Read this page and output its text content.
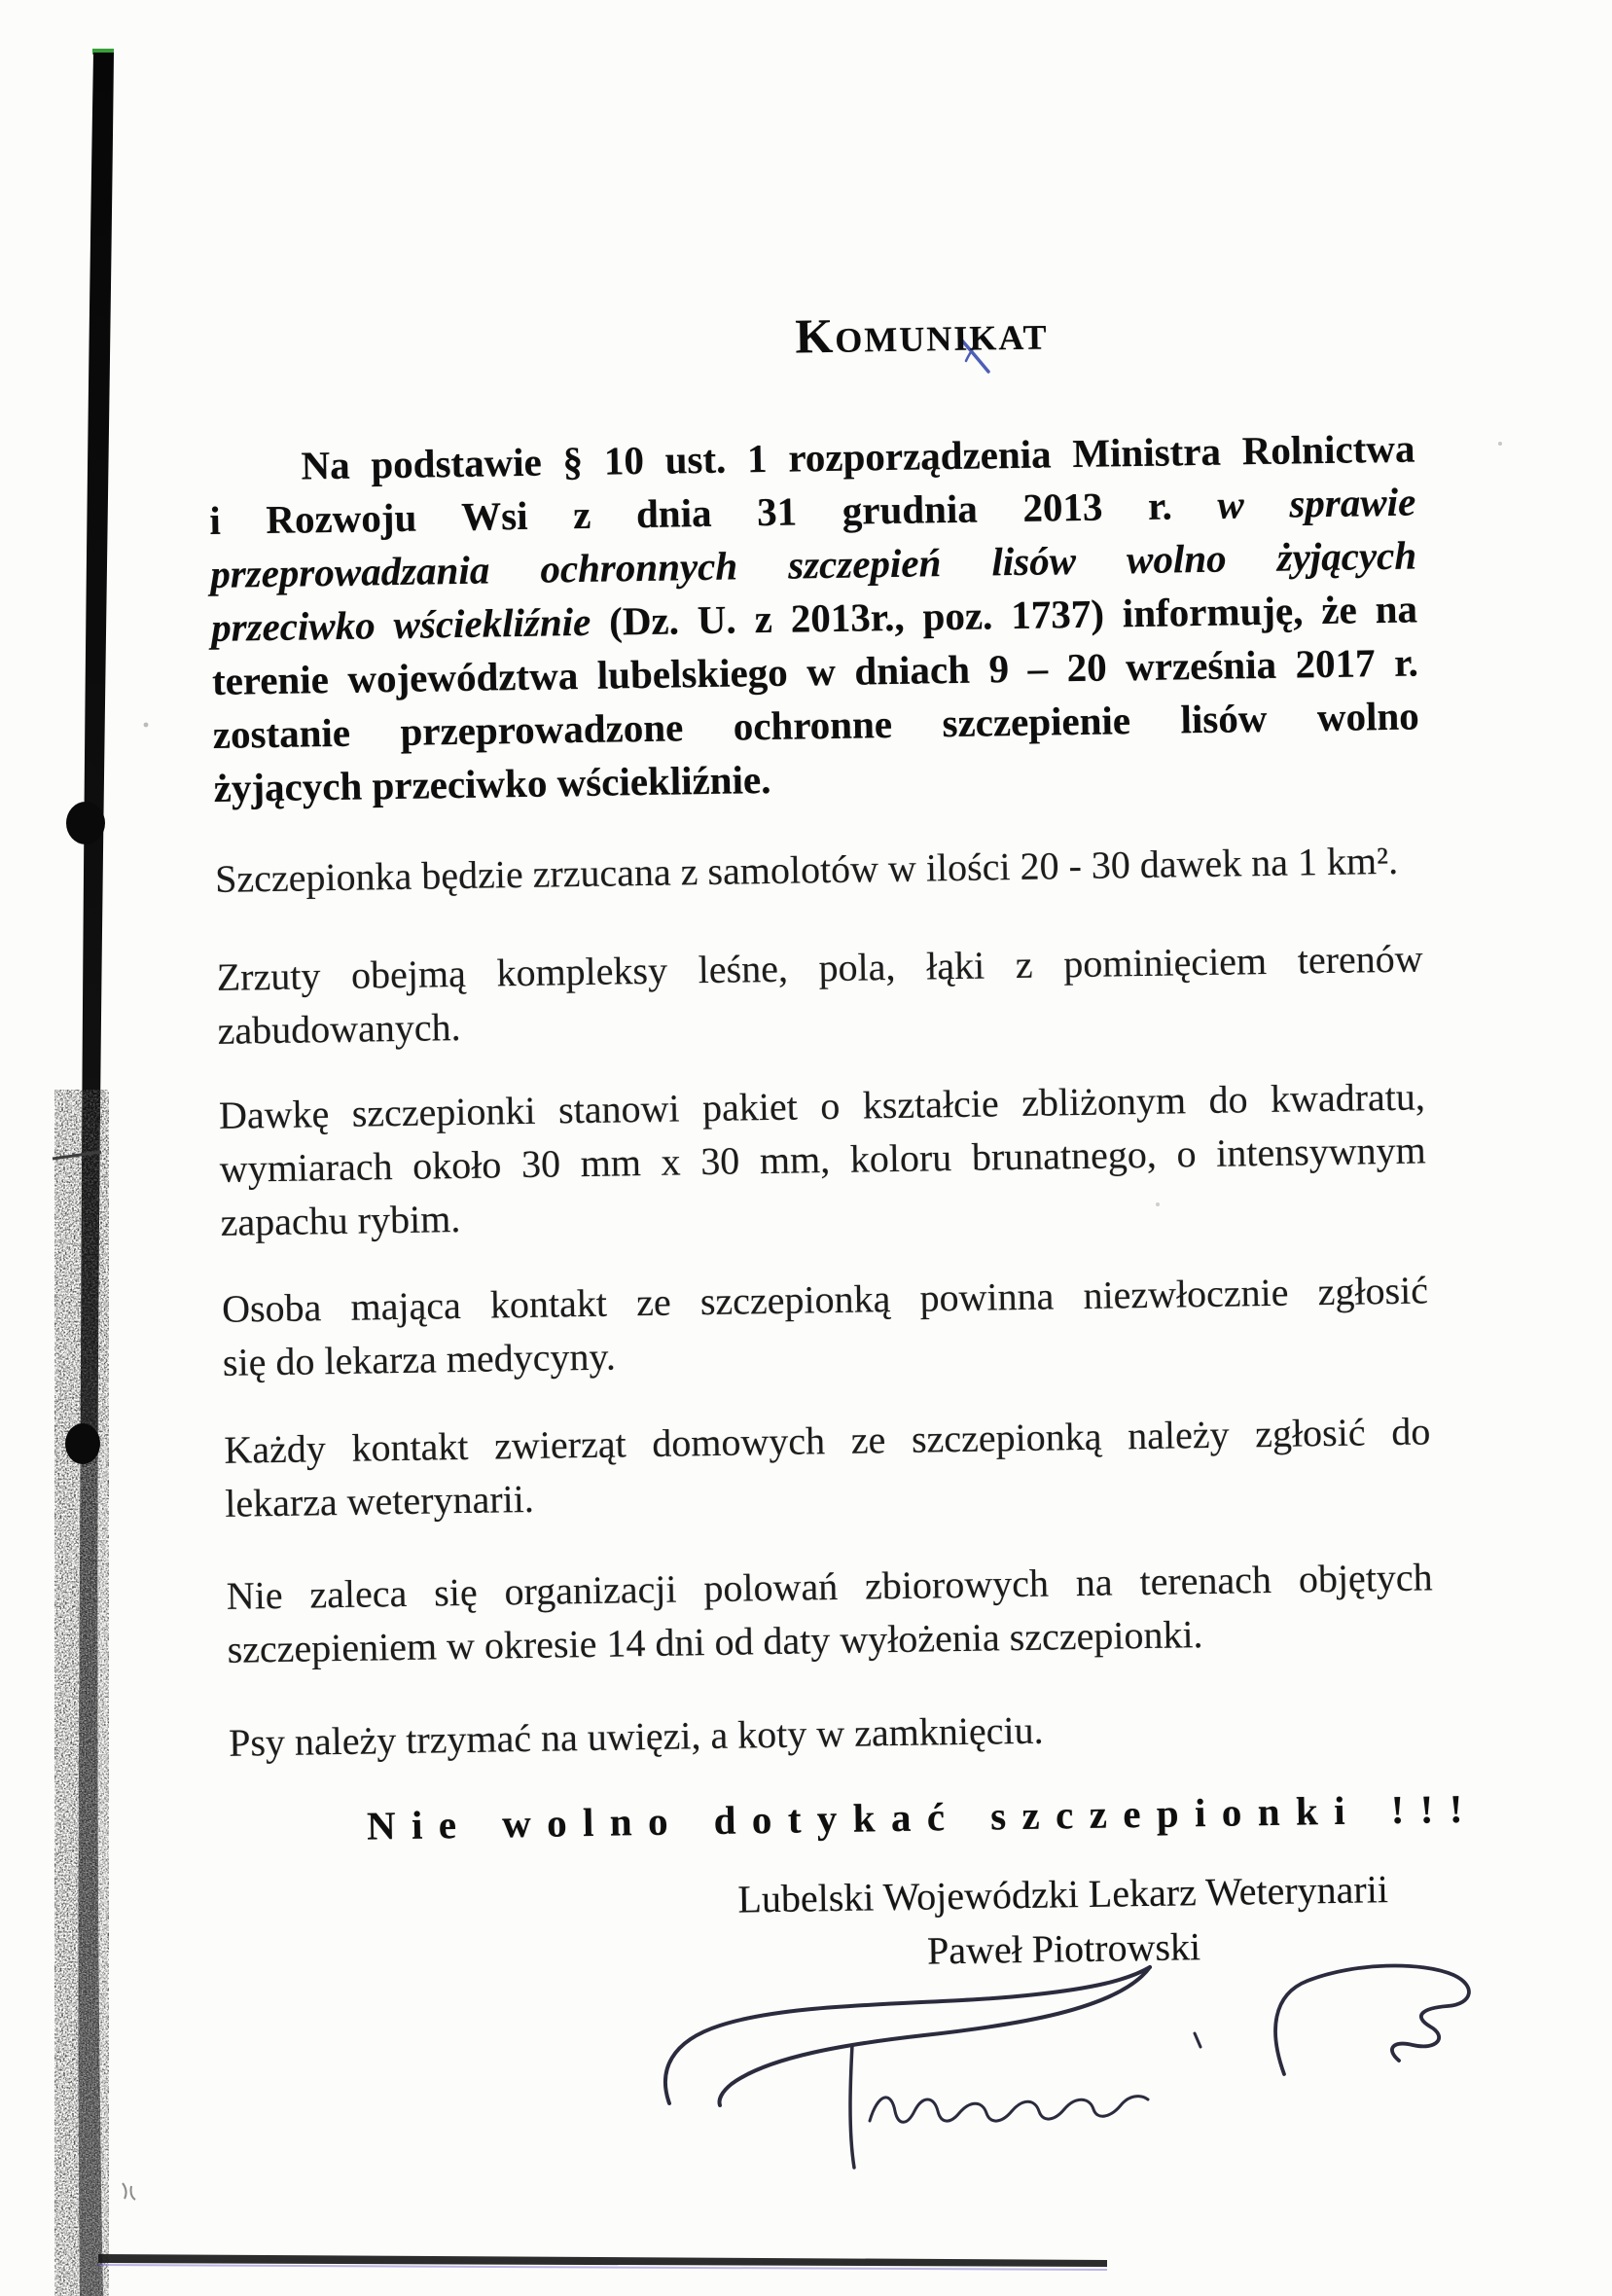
KOMUNIKAT
Na podstawie § 10 ust. 1 rozporządzenia Ministra Rolnictwa
i Rozwoju Wsi z dnia 31 grudnia 2013 r. w sprawie
przeprowadzania ochronnych szczepień lisów wolno żyjących
przeciwko wściekliźnie (Dz. U. z 2013r., poz. 1737) informuję, że na
terenie województwa lubelskiego w dniach 9 – 20 września 2017 r.
zostanie przeprowadzone ochronne szczepienie lisów wolno
żyjących przeciwko wściekliźnie.
Szczepionka będzie zrzucana z samolotów w ilości 20 - 30 dawek na 1 km².
Zrzuty obejmą kompleksy leśne, pola, łąki z pominięciem terenów
zabudowanych.
Dawkę szczepionki stanowi pakiet o kształcie zbliżonym do kwadratu,
wymiarach około 30 mm x 30 mm, koloru brunatnego, o intensywnym
zapachu rybim.
Osoba mająca kontakt ze szczepionką powinna niezwłocznie zgłosić
się do lekarza medycyny.
Każdy kontakt zwierząt domowych ze szczepionką należy zgłosić do
lekarza weterynarii.
Nie zaleca się organizacji polowań zbiorowych na terenach objętych
szczepieniem w okresie 14 dni od daty wyłożenia szczepionki.
Psy należy trzymać na uwięzi, a koty w zamknięciu.
Nie wolno dotykać szczepionki !!!
Lubelski Wojewódzki Lekarz Weterynarii
Paweł Piotrowski
